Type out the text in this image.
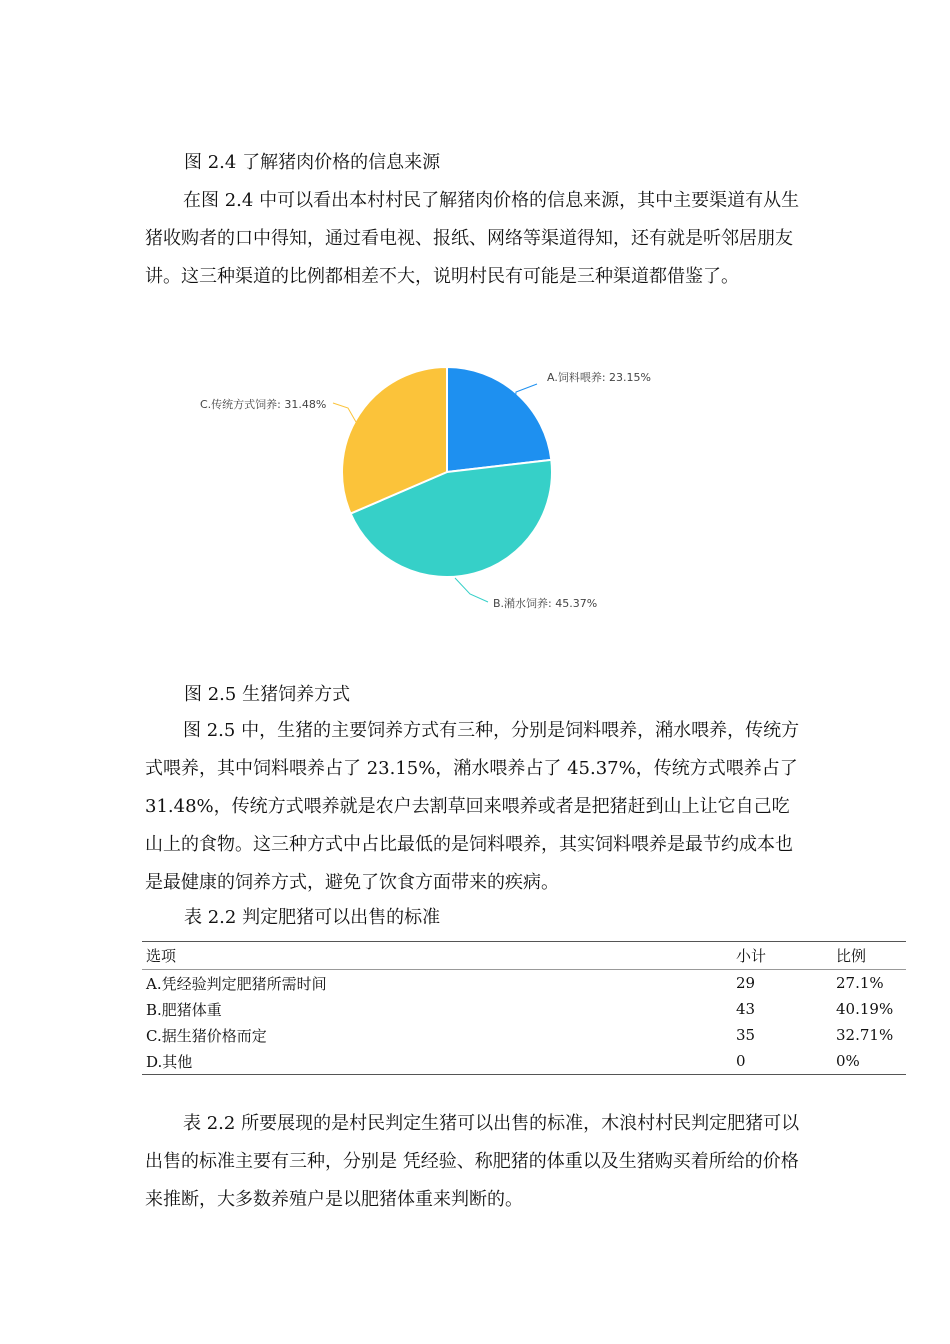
图 2.4 了解猪肉价格的信息来源

在图 2.4 中可以看出本村村民了解猪肉价格的信息来源，其中主要渠道有从生猪收购者的口中得知，通过看电视、报纸、网络等渠道得知，还有就是听邻居朋友讲。这三种渠道的比例都相差不大，说明村民有可能是三种渠道都借鉴了。

A.饲料喂养: 23.15%
B.潲水饲养: 45.37%
C.传统方式饲养: 31.48%

图 2.5 生猪饲养方式

图 2.5 中，生猪的主要饲养方式有三种，分别是饲料喂养，潲水喂养，传统方式喂养，其中饲料喂养占了 23.15%，潲水喂养占了 45.37%，传统方式喂养占了 31.48%，传统方式喂养就是农户去割草回来喂养或者是把猪赶到山上让它自己吃山上的食物。这三种方式中占比最低的是饲料喂养，其实饲料喂养是最节约成本也是最健康的饲养方式，避免了饮食方面带来的疾病。

表 2.2 判定肥猪可以出售的标准

选项	小计	比例
A.凭经验判定肥猪所需时间	29	27.1%
B.肥猪体重	43	40.19%
C.据生猪价格而定	35	32.71%
D.其他	0	0%

表 2.2 所要展现的是村民判定生猪可以出售的标准，木浪村村民判定肥猪可以出售的标准主要有三种，分别是 凭经验、称肥猪的体重以及生猪购买着所给的价格来推断，大多数养殖户是以肥猪体重来判断的。
